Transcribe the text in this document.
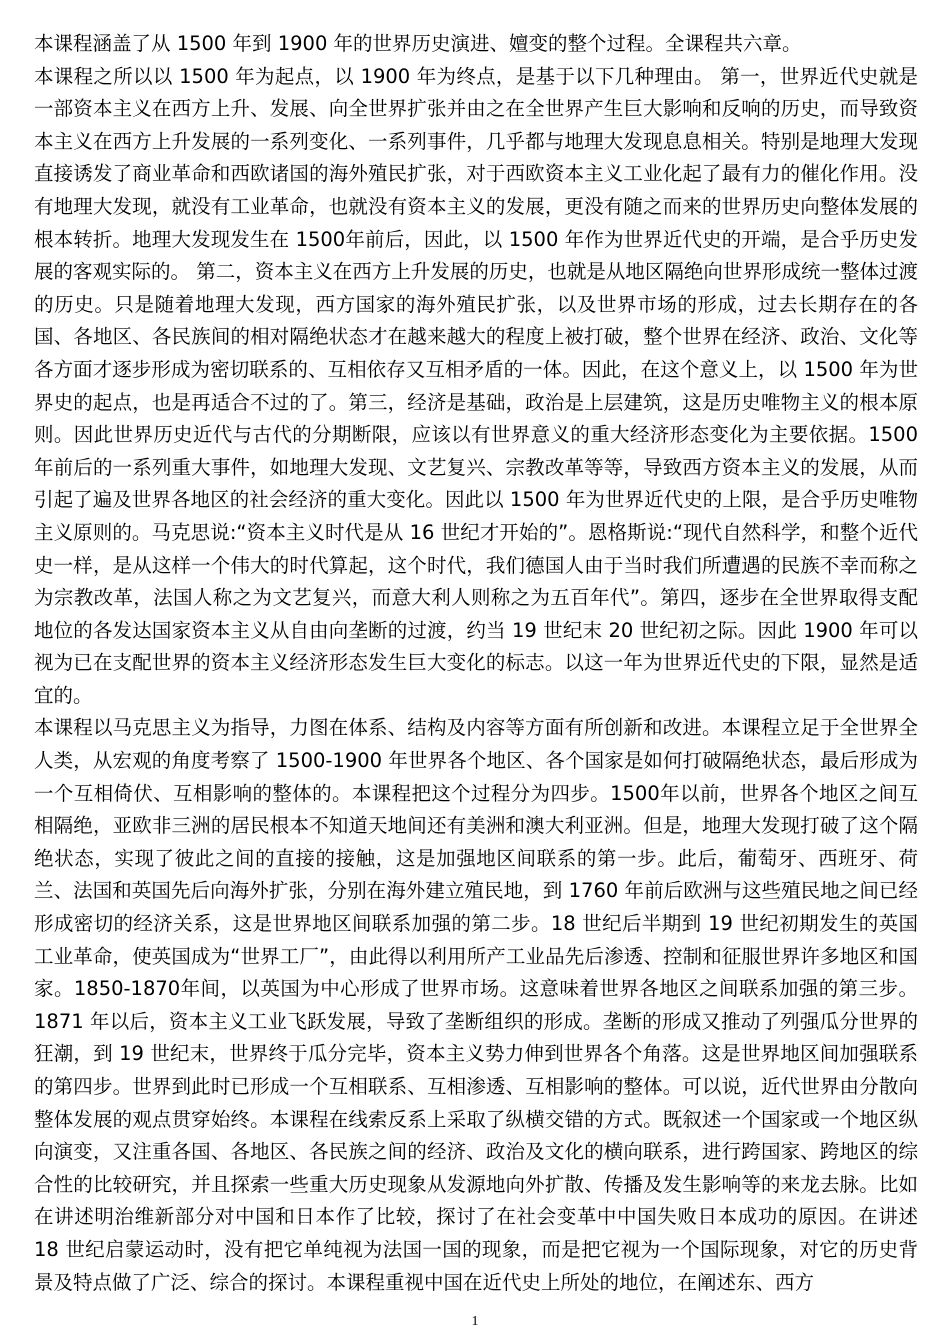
本课程涵盖了从 1500 年到 1900 年的世界历史演进、嬗变的整个过程。全课程共六章。

本课程之所以以 1500 年为起点，以 1900 年为终点，是基于以下几种理由。 第一，世界近代史就是一部资本主义在西方上升、发展、向全世界扩张并由之在全世界产生巨大影响和反响的历史，而导致资本主义在西方上升发展的一系列变化、一系列事件，几乎都与地理大发现息息相关。特别是地理大发现直接诱发了商业革命和西欧诸国的海外殖民扩张，对于西欧资本主义工业化起了最有力的催化作用。没有地理大发现，就没有工业革命，也就没有资本主义的发展，更没有随之而来的世界历史向整体发展的根本转折。地理大发现发生在 1500年前后，因此，以 1500 年作为世界近代史的开端，是合乎历史发展的客观实际的。 第二，资本主义在西方上升发展的历史，也就是从地区隔绝向世界形成统一整体过渡的历史。只是随着地理大发现，西方国家的海外殖民扩张，以及世界市场的形成，过去长期存在的各国、各地区、各民族间的相对隔绝状态才在越来越大的程度上被打破，整个世界在经济、政治、文化等各方面才逐步形成为密切联系的、互相依存又互相矛盾的一体。因此，在这个意义上，以 1500 年为世界史的起点，也是再适合不过的了。第三，经济是基础，政治是上层建筑，这是历史唯物主义的根本原则。因此世界历史近代与古代的分期断限，应该以有世界意义的重大经济形态变化为主要依据。1500 年前后的一系列重大事件，如地理大发现、文艺复兴、宗教改革等等，导致西方资本主义的发展，从而引起了遍及世界各地区的社会经济的重大变化。因此以 1500 年为世界近代史的上限，是合乎历史唯物主义原则的。马克思说:“资本主义时代是从 16 世纪才开始的”。恩格斯说:“现代自然科学，和整个近代史一样，是从这样一个伟大的时代算起，这个时代，我们德国人由于当时我们所遭遇的民族不幸而称之为宗教改革，法国人称之为文艺复兴，而意大利人则称之为五百年代”。第四，逐步在全世界取得支配地位的各发达国家资本主义从自由向垄断的过渡，约当 19 世纪末 20 世纪初之际。因此 1900 年可以视为已在支配世界的资本主义经济形态发生巨大变化的标志。以这一年为世界近代史的下限，显然是适宜的。

本课程以马克思主义为指导，力图在体系、结构及内容等方面有所创新和改进。本课程立足于全世界全人类，从宏观的角度考察了 1500-1900 年世界各个地区、各个国家是如何打破隔绝状态，最后形成为一个互相倚伏、互相影响的整体的。本课程把这个过程分为四步。1500年以前，世界各个地区之间互相隔绝，亚欧非三洲的居民根本不知道天地间还有美洲和澳大利亚洲。但是，地理大发现打破了这个隔绝状态，实现了彼此之间的直接的接触，这是加强地区间联系的第一步。此后，葡萄牙、西班牙、荷兰、法国和英国先后向海外扩张，分别在海外建立殖民地，到 1760 年前后欧洲与这些殖民地之间已经形成密切的经济关系，这是世界地区间联系加强的第二步。18 世纪后半期到 19 世纪初期发生的英国工业革命，使英国成为“世界工厂”，由此得以利用所产工业品先后渗透、控制和征服世界许多地区和国家。1850-1870年间，以英国为中心形成了世界市场。这意味着世界各地区之间联系加强的第三步。1871 年以后，资本主义工业飞跃发展，导致了垄断组织的形成。垄断的形成又推动了列强瓜分世界的狂潮，到 19 世纪末，世界终于瓜分完毕，资本主义势力伸到世界各个角落。这是世界地区间加强联系的第四步。世界到此时已形成一个互相联系、互相渗透、互相影响的整体。可以说，近代世界由分散向整体发展的观点贯穿始终。本课程在线索反系上采取了纵横交错的方式。既叙述一个国家或一个地区纵向演变，又注重各国、各地区、各民族之间的经济、政治及文化的横向联系，进行跨国家、跨地区的综合性的比较研究，并且探索一些重大历史现象从发源地向外扩散、传播及发生影响等的来龙去脉。比如在讲述明治维新部分对中国和日本作了比较，探讨了在社会变革中中国失败日本成功的原因。在讲述 18 世纪启蒙运动时，没有把它单纯视为法国一国的现象，而是把它视为一个国际现象，对它的历史背景及特点做了广泛、综合的探讨。本课程重视中国在近代史上所处的地位，在阐述东、西方

1
